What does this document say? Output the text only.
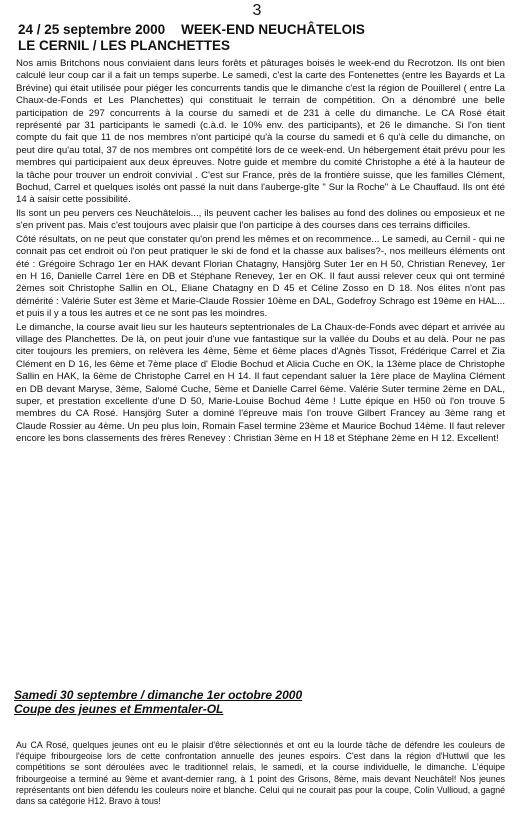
3
24 / 25 septembre 2000 WEEK-END NEUCHÂTELOIS
LE CERNIL / LES PLANCHETTES

Nos amis Britchons nous conviaient dans leurs forêts et pâturages boisés le week-end du Recrotzon. Ils ont bien calculé leur coup car il a fait un temps superbe. Le samedi, c'est la carte des Fontenettes (entre les Bayards et La Brévine) qui était utilisée pour piéger les concurrents tandis que le dimanche c'est la région de Pouillerel ( entre La Chaux-de-Fonds et Les Planchettes) qui constituait le terrain de compétition. On a dénombré une belle participation de 297 concurrents à la course du samedi et de 231 à celle du dimanche. Le CA Rosé était représenté par 31 participants le samedi (c.à.d. le 10% env. des participants), et 26 le dimanche. Si l'on tient compte du fait que 11 de nos membres n'ont participé qu'à la course du samedi et 6 qu'à celle du dimanche, on peut dire qu'au total, 37 de nos membres ont compétité lors de ce week-end. Un hébergement était prévu pour les membres qui participaient aux deux épreuves. Notre guide et membre du comité Christophe a été à la hauteur de la tâche pour trouver un endroit convivial . C'est sur France, près de la frontière suisse, que les familles Clément, Bochud, Carrel et quelques isolés ont passé la nuit dans l'auberge-gîte " Sur la Roche" à Le Chauffaud. Ils ont été 14 à saisir cette possibilité.

Ils sont un peu pervers ces Neuchâtelois..., ils peuvent cacher les balises au fond des dolines ou emposieux et ne s'en privent pas. Mais c'est toujours avec plaisir que l'on participe à des courses dans ces terrains difficiles.

Côté résultats, on ne peut que constater qu'on prend les mêmes et on recommence... Le samedi, au Cernil - qui ne connait pas cet endroit où l'on peut pratiquer le ski de fond et la chasse aux balises?-, nos meilleurs éléments ont été : Grégoire Schrago 1er en HAK devant Florian Chatagny, Hansjörg Suter 1er en H 50, Christian Renevey, 1er en H 16, Danielle Carrel 1ère en DB et Stéphane Renevey, 1er en OK. Il faut aussi relever ceux qui ont terminé 2èmes soit Christophe Sallin en OL, Eliane Chatagny en D 45 et Céline Zosso en D 18. Nos élites n'ont pas démérité : Valérie Suter est 3ème et Marie-Claude Rossier 10ème en DAL, Godefroy Schrago est 19ème en HAL... et puis il y a tous les autres et ce ne sont pas les moindres.

Le dimanche, la course avait lieu sur les hauteurs septentrionales de La Chaux-de-Fonds avec départ et arrivée au village des Planchettes. De là, on peut jouir d'une vue fantastique sur la vallée du Doubs et au delà. Pour ne pas citer toujours les premiers, on relèvera les 4ème, 5ème et 6ème places d'Agnès Tissot, Frédérique Carrel et Zia Clément en D 16, les 6ème et 7ème place d' Elodie Bochud et Alicia Cuche en OK, la 13ème place de Christophe Sallin en HAK, la 6ème de Christophe Carrel en H 14. Il faut cependant saluer la 1ère place de Maylina Clément en DB devant Maryse, 3ème, Salomé Cuche, 5ème et Danielle Carrel 6ème. Valérie Suter termine 2ème en DAL, super, et prestation excellente d'une D 50, Marie-Louise Bochud 4ème ! Lutte épique en H50 où l'on trouve 5 membres du CA Rosé. Hansjörg Suter a dominé l'épreuve mais l'on trouve Gilbert Francey au 3ème rang et Claude Rossier au 4ème. Un peu plus loin, Romain Fasel termine 23ème et Maurice Bochud 14ème. Il faut relever encore les bons classements des frères Renevey : Christian 3ème en H 18 et Stéphane 2ème en H 12. Excellent!

Samedi 30 septembre / dimanche 1er octobre 2000
Coupe des jeunes et Emmentaler-OL

Au CA Rosé, quelques jeunes ont eu le plaisir d'être sélectionnés et ont eu la lourde tâche de défendre les couleurs de l'équipe fribourgeoise lors de cette confrontation annuelle des jeunes espoirs. C'est dans la région d'Huttwil que les compétitions se sont déroulées avec le traditionnel relais, le samedi, et la course individuelle, le dimanche. L'équipe fribourgeoise a terminé au 9ème et avant-dernier rang, à 1 point des Grisons, 8ème, mais devant Neuchâtel! Nos jeunes représentants ont bien défendu les couleurs noire et blanche. Celui qui ne courait pas pour la coupe, Colin Vullioud, a gagné dans sa catégorie H12. Bravo à tous!
